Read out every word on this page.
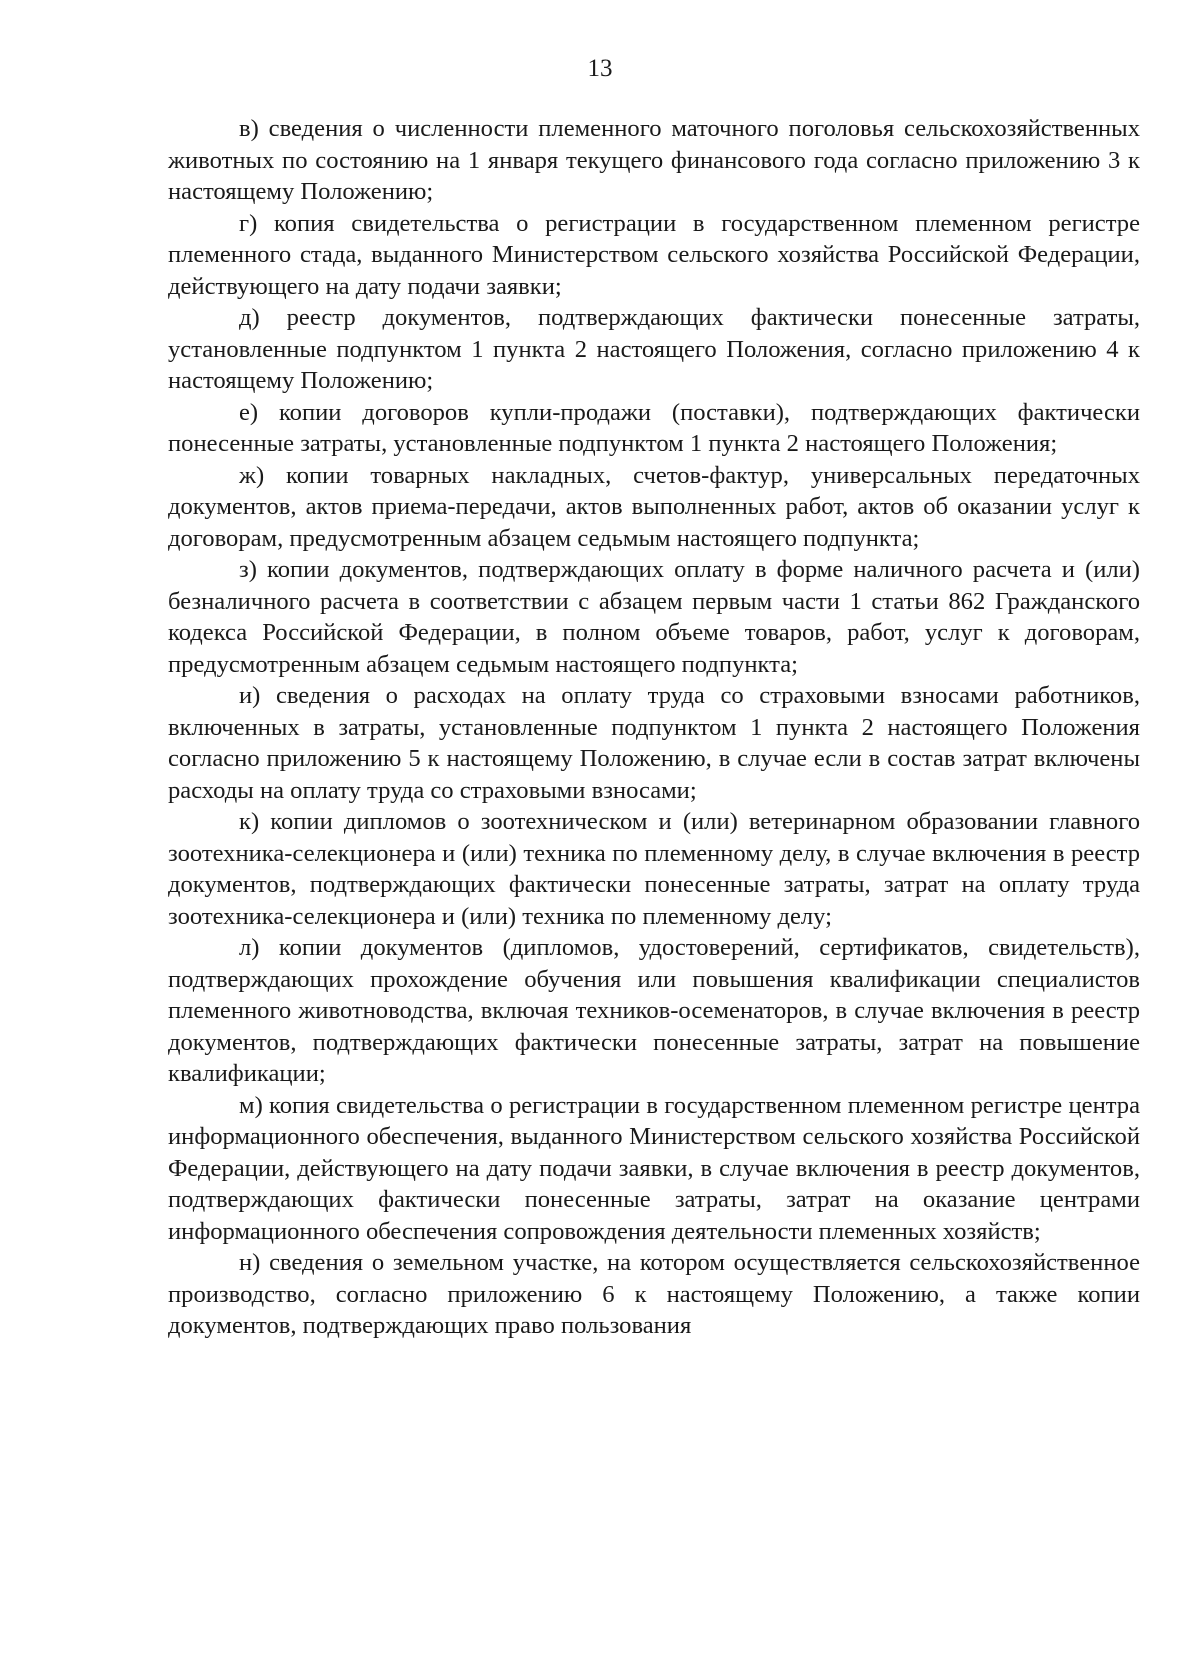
13

в) сведения о численности племенного маточного поголовья сельскохозяйственных животных по состоянию на 1 января текущего финансового года согласно приложению 3 к настоящему Положению;

г) копия свидетельства о регистрации в государственном племенном регистре племенного стада, выданного Министерством сельского хозяйства Российской Федерации, действующего на дату подачи заявки;

д) реестр документов, подтверждающих фактически понесенные затраты, установленные подпунктом 1 пункта 2 настоящего Положения, согласно приложению 4 к настоящему Положению;

е) копии договоров купли-продажи (поставки), подтверждающих фактически понесенные затраты, установленные подпунктом 1 пункта 2 настоящего Положения;

ж) копии товарных накладных, счетов-фактур, универсальных передаточных документов, актов приема-передачи, актов выполненных работ, актов об оказании услуг к договорам, предусмотренным абзацем седьмым настоящего подпункта;

з) копии документов, подтверждающих оплату в форме наличного расчета и (или) безналичного расчета в соответствии с абзацем первым части 1 статьи 862 Гражданского кодекса Российской Федерации, в полном объеме товаров, работ, услуг к договорам, предусмотренным абзацем седьмым настоящего подпункта;

и) сведения о расходах на оплату труда со страховыми взносами работников, включенных в затраты, установленные подпунктом 1 пункта 2 настоящего Положения согласно приложению 5 к настоящему Положению, в случае если в состав затрат включены расходы на оплату труда со страховыми взносами;

к) копии дипломов о зоотехническом и (или) ветеринарном образовании главного зоотехника-селекционера и (или) техника по племенному делу, в случае включения в реестр документов, подтверждающих фактически понесенные затраты, затрат на оплату труда зоотехника-селекционера и (или) техника по племенному делу;

л) копии документов (дипломов, удостоверений, сертификатов, свидетельств), подтверждающих прохождение обучения или повышения квалификации специалистов племенного животноводства, включая техников-осеменаторов, в случае включения в реестр документов, подтверждающих фактически понесенные затраты, затрат на повышение квалификации;

м) копия свидетельства о регистрации в государственном племенном регистре центра информационного обеспечения, выданного Министерством сельского хозяйства Российской Федерации, действующего на дату подачи заявки, в случае включения в реестр документов, подтверждающих фактически понесенные затраты, затрат на оказание центрами информационного обеспечения сопровождения деятельности племенных хозяйств;

н) сведения о земельном участке, на котором осуществляется сельскохозяйственное производство, согласно приложению 6 к настоящему Положению, а также копии документов, подтверждающих право пользования
